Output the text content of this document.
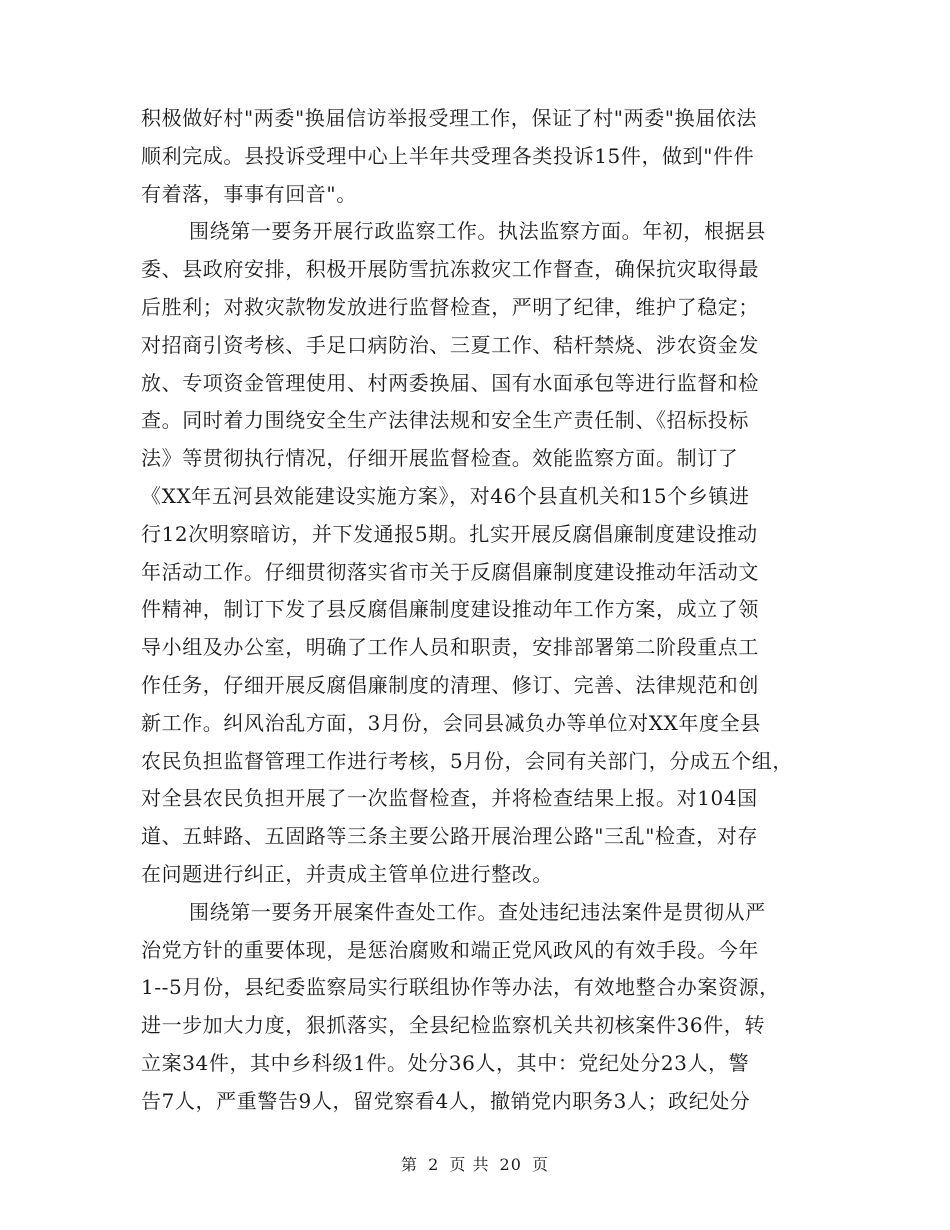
积极做好村"两委"换届信访举报受理工作，保证了村"两委"换届依法
顺利完成。县投诉受理中心上半年共受理各类投诉15件，做到"件件
有着落，事事有回音"。
围绕第一要务开展行政监察工作。执法监察方面。年初，根据县
委、县政府安排，积极开展防雪抗冻救灾工作督查，确保抗灾取得最
后胜利；对救灾款物发放进行监督检查，严明了纪律，维护了稳定；
对招商引资考核、手足口病防治、三夏工作、秸杆禁烧、涉农资金发
放、专项资金管理使用、村两委换届、国有水面承包等进行监督和检
查。同时着力围绕安全生产法律法规和安全生产责任制、《招标投标
法》等贯彻执行情况，仔细开展监督检查。效能监察方面。制订了
《XX年五河县效能建设实施方案》，对46个县直机关和15个乡镇进
行12次明察暗访，并下发通报5期。扎实开展反腐倡廉制度建设推动
年活动工作。仔细贯彻落实省市关于反腐倡廉制度建设推动年活动文
件精神，制订下发了县反腐倡廉制度建设推动年工作方案，成立了领
导小组及办公室，明确了工作人员和职责，安排部署第二阶段重点工
作任务，仔细开展反腐倡廉制度的清理、修订、完善、法律规范和创
新工作。纠风治乱方面，3月份，会同县减负办等单位对XX年度全县
农民负担监督管理工作进行考核，5月份，会同有关部门，分成五个组，
对全县农民负担开展了一次监督检查，并将检查结果上报。对104国
道、五蚌路、五固路等三条主要公路开展治理公路"三乱"检查，对存
在问题进行纠正，并责成主管单位进行整改。
围绕第一要务开展案件查处工作。查处违纪违法案件是贯彻从严
治党方针的重要体现，是惩治腐败和端正党风政风的有效手段。今年
1--5月份，县纪委监察局实行联组协作等办法，有效地整合办案资源，
进一步加大力度，狠抓落实，全县纪检监察机关共初核案件36件，转
立案34件，其中乡科级1件。处分36人，其中：党纪处分23人，警
告7人，严重警告9人，留党察看4人，撤销党内职务3人；政纪处分
第 2 页 共 20 页
